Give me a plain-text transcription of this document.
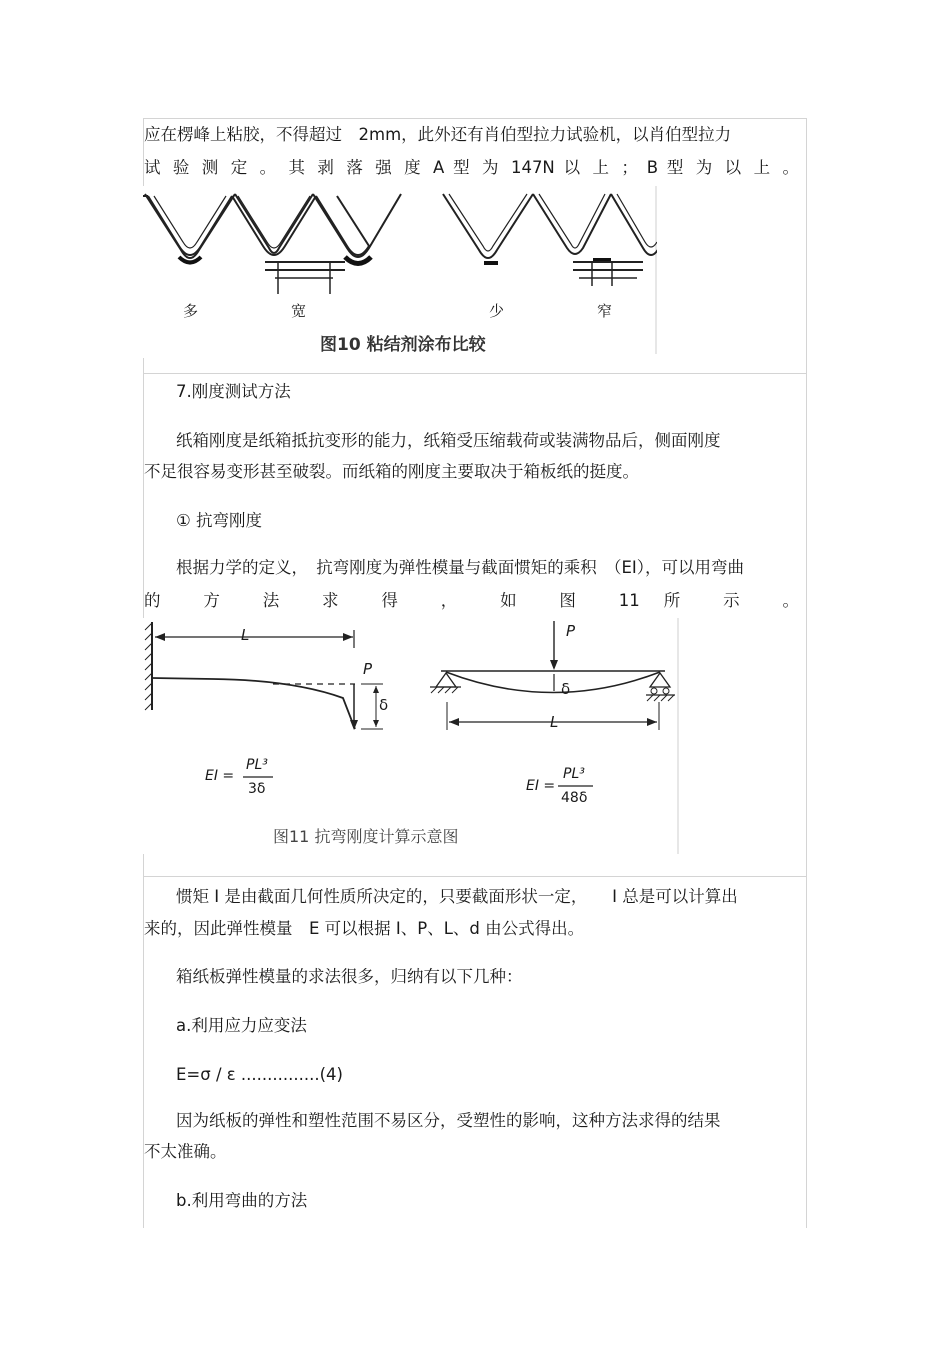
应在楞峰上粘胶，不得超过　2mm，此外还有肖伯型拉力试验机，以肖伯型拉力
试 验 测 定 。 其 剥 落 强 度 A 型 为 147N 以 上 ； B 型 为 以 上 。
多	宽	少	窄
图10 粘结剂涂布比较
7.刚度测试方法
纸箱刚度是纸箱抵抗变形的能力，纸箱受压缩载荷或装满物品后，侧面刚度
不足很容易变形甚至破裂。而纸箱的刚度主要取决于箱板纸的挺度。
① 抗弯刚度
根据力学的定义，　抗弯刚度为弹性模量与截面惯矩的乘积　（EI），可以用弯曲
的 方 法 求 得 ， 如 图 11 所 示 。
L
P
δ
EI =
PL³
3δ
P
δ
L
EI =
PL³
48δ
图11 抗弯刚度计算示意图
惯矩 I 是由截面几何性质所决定的，只要截面形状一定，　　I 总是可以计算出
来的，因此弹性模量　E 可以根据 I、P、L、d 由公式得出。
箱纸板弹性模量的求法很多，归纳有以下几种：
a.利用应力应变法
E=σ / ε ...............(4)
因为纸板的弹性和塑性范围不易区分，受塑性的影响，这种方法求得的结果
不太准确。
b.利用弯曲的方法
